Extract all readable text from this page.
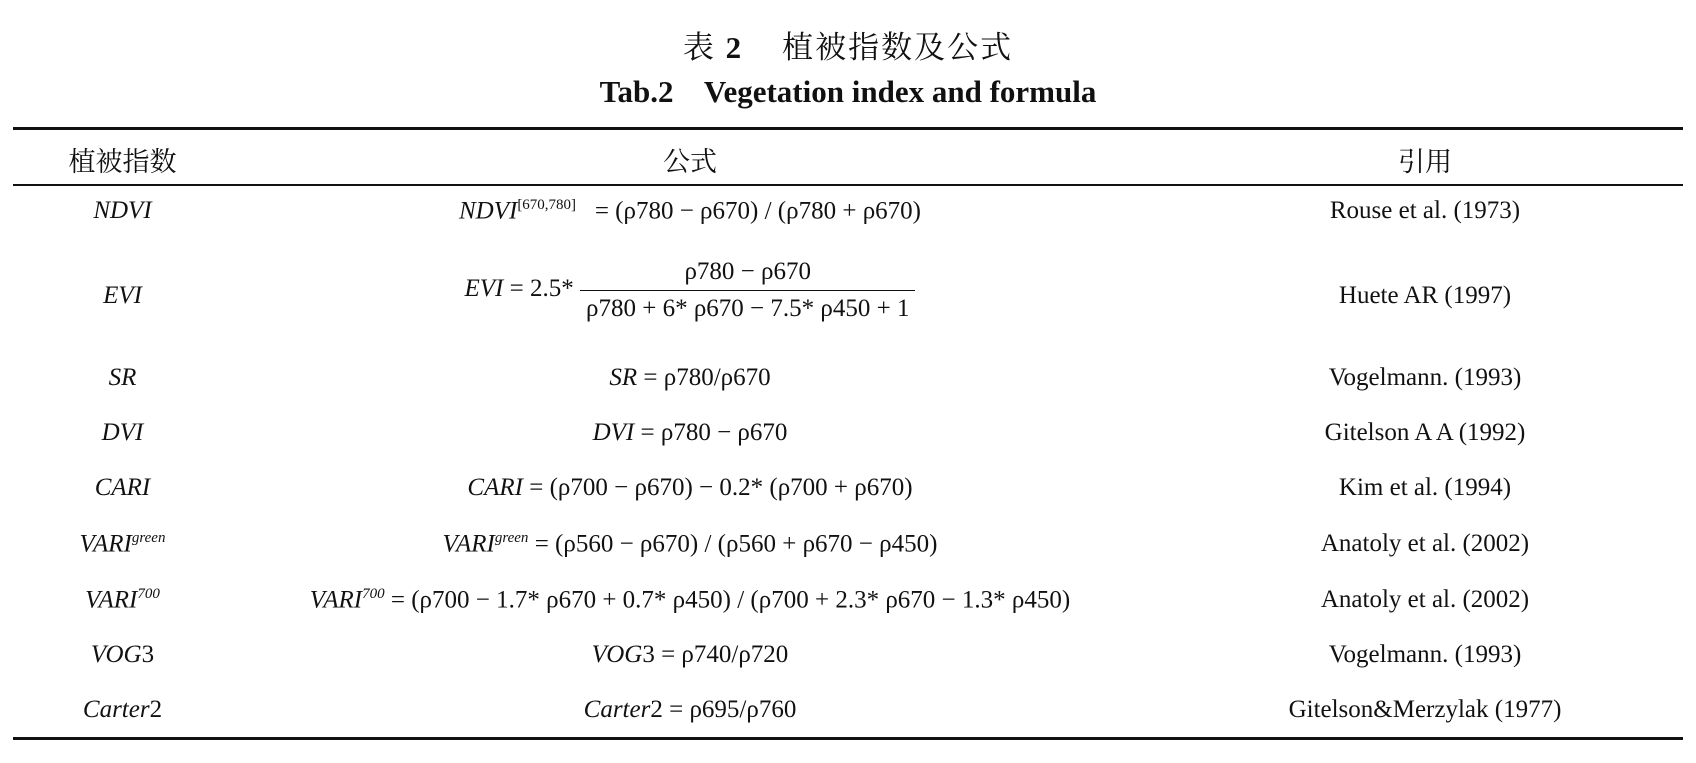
表 2 植被指数及公式
Tab.2    Vegetation index and formula
植被指数	公式	引用
NDVI	NDVI[670,780] = (ρ780 − ρ670) / (ρ780 + ρ670)	Rouse et al. (1973)
EVI	EVI = $2.5* \frac{\rho 780 - \rho 670}{\rho 780 + 6* \rho 670 - 7.5* \rho 450 + 1}$	Huete AR (1997)
SR	SR = ρ780/ρ670	Vogelmann. (1993)
DVI	DVI = ρ780 − ρ670	Gitelson A A (1992)
CARI	CARI = (ρ700 − ρ670) − 0.2* (ρ700 + ρ670)	Kim et al. (1994)
$VARI^{green}$	$VARI^{green} = (\rho 560 - \rho 670) / (\rho 560 + \rho 670 - \rho 450)$	Anatoly et al. (2002)
VARI$^{700}$	$VARI^{700} = (\rho 700 - 1.7*$ ρ670 + 0.7* ρ450) / (ρ700 + 2.3* ρ670 − 1.3* ρ450)	Anatoly et al. (2002)
VOG3	VOG3 = ρ740/ρ720	Vogelmann. (1993)
Carter2	Carter2 = ρ695/ρ760	Gitelson&Merzylak (1977)
